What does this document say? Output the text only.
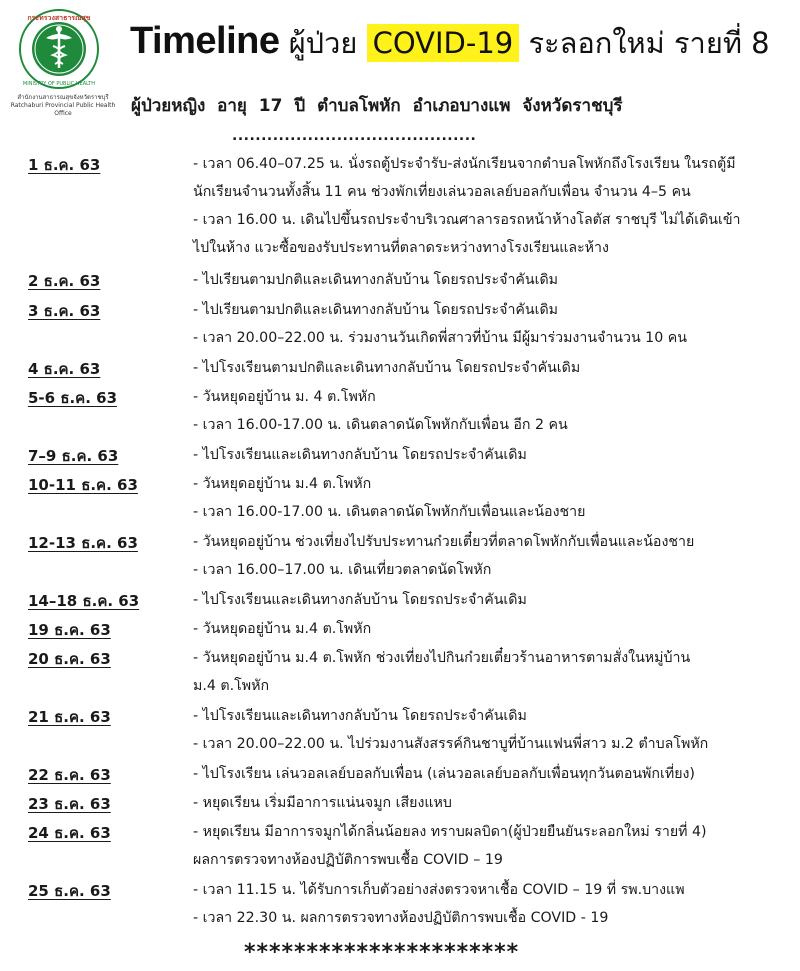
กระทรวงสาธารณสุข
MINISTRY OF PUBLIC HEALTH
สำนักงานสาธารณสุขจังหวัดราชบุรี
Ratchaburi Provincial Public Health Office
Timeline ผู้ป่วย COVID-19 ระลอกใหม่ รายที่ 8
ผู้ป่วยหญิง อายุ 17 ปี ตำบลโพหัก อำเภอบางแพ จังหวัดราชบุรี
..........................................
1 ธ.ค. 63	- เวลา 06.40–07.25 น. นั่งรถตู้ประจำรับ-ส่งนักเรียนจากตำบลโพหักถึงโรงเรียน ในรถตู้มี
นักเรียนจำนวนทั้งสิ้น 11 คน ช่วงพักเที่ยงเล่นวอลเลย์บอลกับเพื่อน จำนวน 4–5 คน
- เวลา 16.00 น. เดินไปขึ้นรถประจำบริเวณศาลารอรถหน้าห้างโลตัส ราชบุรี ไม่ได้เดินเข้า
ไปในห้าง แวะซื้อของรับประทานที่ตลาดระหว่างทางโรงเรียนและห้าง
2 ธ.ค. 63	- ไปเรียนตามปกติและเดินทางกลับบ้าน โดยรถประจำคันเดิม
3 ธ.ค. 63	- ไปเรียนตามปกติและเดินทางกลับบ้าน โดยรถประจำคันเดิม
- เวลา 20.00–22.00 น. ร่วมงานวันเกิดพี่สาวที่บ้าน มีผู้มาร่วมงานจำนวน 10 คน
4 ธ.ค. 63	- ไปโรงเรียนตามปกติและเดินทางกลับบ้าน โดยรถประจำคันเดิม
5-6 ธ.ค. 63	- วันหยุดอยู่บ้าน ม. 4 ต.โพหัก
- เวลา 16.00-17.00 น. เดินตลาดนัดโพหักกับเพื่อน อีก 2 คน
7–9 ธ.ค. 63	- ไปโรงเรียนและเดินทางกลับบ้าน โดยรถประจำคันเดิม
10-11 ธ.ค. 63	- วันหยุดอยู่บ้าน ม.4 ต.โพหัก
- เวลา 16.00-17.00 น. เดินตลาดนัดโพหักกับเพื่อนและน้องชาย
12-13 ธ.ค. 63	- วันหยุดอยู่บ้าน ช่วงเที่ยงไปรับประทานก๋วยเตี๋ยวที่ตลาดโพหักกับเพื่อนและน้องชาย
- เวลา 16.00–17.00 น. เดินเที่ยวตลาดนัดโพหัก
14–18 ธ.ค. 63	- ไปโรงเรียนและเดินทางกลับบ้าน โดยรถประจำคันเดิม
19 ธ.ค. 63	- วันหยุดอยู่บ้าน ม.4 ต.โพหัก
20 ธ.ค. 63	- วันหยุดอยู่บ้าน ม.4 ต.โพหัก ช่วงเที่ยงไปกินก๋วยเตี๋ยวร้านอาหารตามสั่งในหมู่บ้าน
ม.4 ต.โพหัก
21 ธ.ค. 63	- ไปโรงเรียนและเดินทางกลับบ้าน โดยรถประจำคันเดิม
- เวลา 20.00–22.00 น. ไปร่วมงานสังสรรค์กินชาบูที่บ้านแฟนพี่สาว ม.2 ตำบลโพหัก
22 ธ.ค. 63	- ไปโรงเรียน เล่นวอลเลย์บอลกับเพื่อน (เล่นวอลเลย์บอลกับเพื่อนทุกวันตอนพักเที่ยง)
23 ธ.ค. 63	- หยุดเรียน เริ่มมีอาการแน่นจมูก เสียงแหบ
24 ธ.ค. 63	- หยุดเรียน มีอาการจมูกได้กลิ่นน้อยลง ทราบผลบิดา(ผู้ป่วยยืนยันระลอกใหม่ รายที่ 4)
ผลการตรวจทางห้องปฏิบัติการพบเชื้อ COVID – 19
25 ธ.ค. 63	- เวลา 11.15 น. ได้รับการเก็บตัวอย่างส่งตรวจหาเชื้อ COVID – 19 ที่ รพ.บางแพ
- เวลา 22.30 น. ผลการตรวจทางห้องปฏิบัติการพบเชื้อ COVID - 19
**********************
